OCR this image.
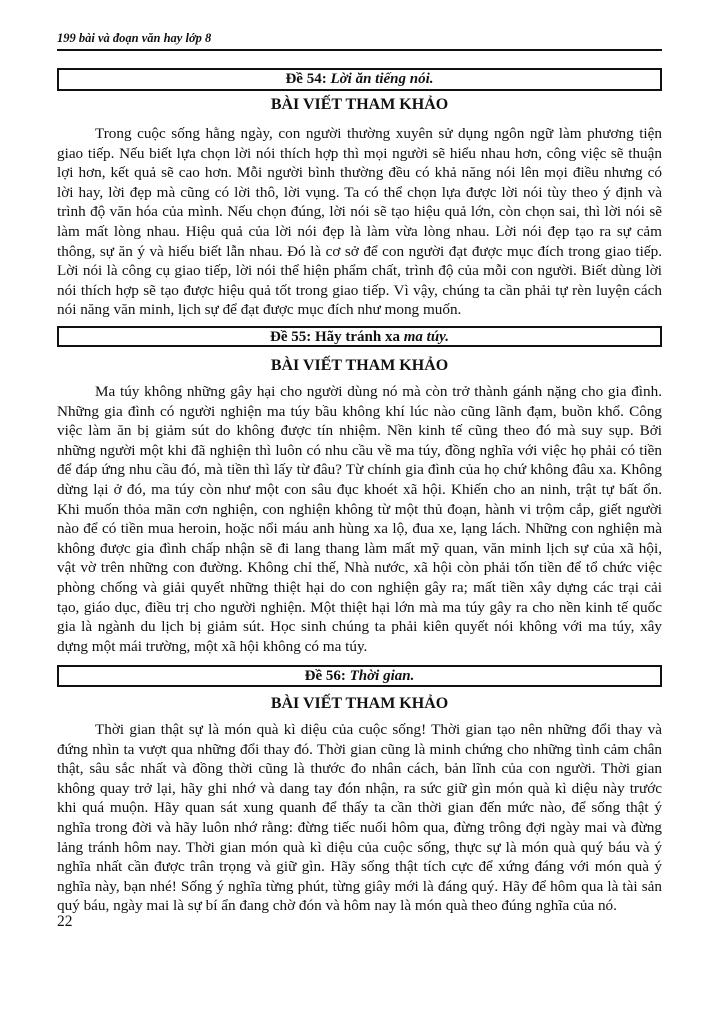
199 bài và đoạn văn hay lớp 8
Đề 54: Lời ăn tiếng nói.
BÀI VIẾT THAM KHẢO
Trong cuộc sống hằng ngày, con người thường xuyên sử dụng ngôn ngữ làm phương tiện
giao tiếp. Nếu biết lựa chọn lời nói thích hợp thì mọi người sẽ hiểu nhau hơn, công việc sẽ thuận
lợi hơn, kết quả sẽ cao hơn. Mỗi người bình thường đều có khả năng nói lên mọi điều nhưng có
lời hay, lời đẹp mà cũng có lời thô, lời vụng. Ta có thể chọn lựa được lời nói tùy theo ý định và
trình độ văn hóa của mình. Nếu chọn đúng, lời nói sẽ tạo hiệu quả lớn, còn chọn sai, thì lời nói sẽ
làm mất lòng nhau. Hiệu quả của lời nói đẹp là làm vừa lòng nhau. Lời nói đẹp tạo ra sự cảm
thông, sự ăn ý và hiểu biết lẫn nhau. Đó là cơ sở để con người đạt được mục đích trong giao tiếp.
Lời nói là công cụ giao tiếp, lời nói thể hiện phẩm chất, trình độ của mỗi con người. Biết dùng lời
nói thích hợp sẽ tạo được hiệu quả tốt trong giao tiếp. Vì vậy, chúng ta cần phải tự rèn luyện cách
nói năng văn minh, lịch sự để đạt được mục đích như mong muốn.
Đề 55: Hãy tránh xa ma túy.
BÀI VIẾT THAM KHẢO
Ma túy không những gây hại cho người dùng nó mà còn trở thành gánh nặng cho gia đình.
Những gia đình có người nghiện ma túy bầu không khí lúc nào cũng lãnh đạm, buồn khổ. Công
việc làm ăn bị giảm sút do không được tín nhiệm. Nền kinh tế cũng theo đó mà suy sụp. Bởi
những người một khi đã nghiện thì luôn có nhu cầu về ma túy, đồng nghĩa với việc họ phải có tiền
để đáp ứng nhu cầu đó, mà tiền thì lấy từ đâu? Từ chính gia đình của họ chứ không đâu xa. Không
dừng lại ở đó, ma túy còn như một con sâu đục khoét xã hội. Khiến cho an ninh, trật tự bất ổn.
Khi muốn thỏa mãn cơn nghiện, con nghiện không từ một thủ đoạn, hành vi trộm cắp, giết người
nào để có tiền mua heroin, hoặc nổi máu anh hùng xa lộ, đua xe, lạng lách. Những con nghiện mà
không được gia đình chấp nhận sẽ đi lang thang làm mất mỹ quan, văn minh lịch sự của xã hội,
vật vờ trên những con đường. Không chỉ thế, Nhà nước, xã hội còn phải tốn tiền để tổ chức việc
phòng chống và giải quyết những thiệt hại do con nghiện gây ra; mất tiền xây dựng các trại cải
tạo, giáo dục, điều trị cho người nghiện. Một thiệt hại lớn mà ma túy gây ra cho nền kinh tế quốc
gia là ngành du lịch bị giảm sút. Học sinh chúng ta phải kiên quyết nói không với ma túy, xây
dựng một mái trường, một xã hội không có ma túy.
Đề 56: Thời gian.
BÀI VIẾT THAM KHẢO
Thời gian thật sự là món quà kì diệu của cuộc sống! Thời gian tạo nên những đổi thay và
đứng nhìn ta vượt qua những đổi thay đó. Thời gian cũng là minh chứng cho những tình cảm chân
thật, sâu sắc nhất và đồng thời cũng là thước đo nhân cách, bản lĩnh của con người. Thời gian
không quay trở lại, hãy ghi nhớ và dang tay đón nhận, ra sức giữ gìn món quà kì diệu này trước
khi quá muộn. Hãy quan sát xung quanh để thấy ta cần thời gian đến mức nào, để sống thật ý
nghĩa trong đời và hãy luôn nhớ rằng: đừng tiếc nuối hôm qua, đừng trông đợi ngày mai và đừng
lảng tránh hôm nay. Thời gian món quà kì diệu của cuộc sống, thực sự là món quà quý báu và ý
nghĩa nhất cần được trân trọng và giữ gìn. Hãy sống thật tích cực để xứng đáng với món quà ý
nghĩa này, bạn nhé! Sống ý nghĩa từng phút, từng giây mới là đáng quý. Hãy để hôm qua là tài sản
quý báu, ngày mai là sự bí ẩn đang chờ đón và hôm nay là món quà theo đúng nghĩa của nó.
22
